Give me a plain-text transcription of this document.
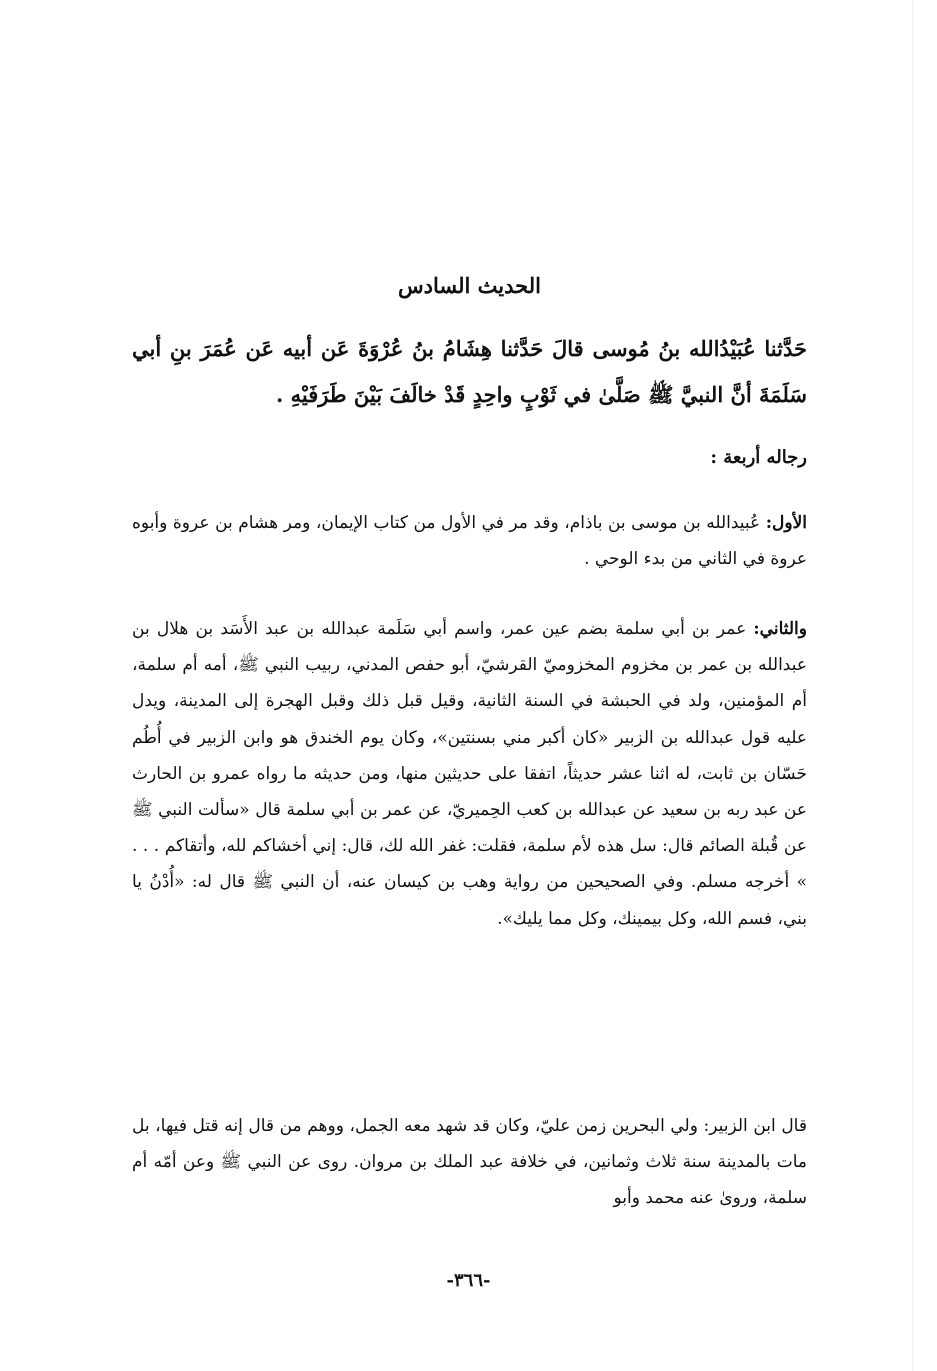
الحديث السادس
حَدَّثنا عُبَيْدُالله بنُ مُوسى قالَ حَدَّثنا هِشَامُ بنُ عُرْوَةَ عَن أبيه عَن عُمَرَ بنِ أبي سَلَمَةَ أنَّ النبيَّ ﷺ صَلَّىٰ في ثَوْبٍ واحِدٍ قَدْ خالَفَ بَيْنَ طَرَفَيْهِ .
رجاله أربعة :
الأول: عُبيدالله بن موسى بن باذام، وقد مر في الأول من كتاب الإيمان، ومر هشام بن عروة وأبوه عروة في الثاني من بدء الوحي .
والثاني: عمر بن أبي سلمة بضم عين عمر، واسم أبي سَلَمة عبدالله بن عبد الأَسَد بن هلال بن عبدالله بن عمر بن مخزوم المخزوميّ القرشيّ، أبو حفص المدني، ربيب النبي ﷺ، أمه أم سلمة، أم المؤمنين، ولد في الحبشة في السنة الثانية، وقيل قبل ذلك وقبل الهجرة إلى المدينة، ويدل عليه قول عبدالله بن الزبير «كان أكبر مني بسنتين»، وكان يوم الخندق هو وابن الزبير في أُطُم حَسّان بن ثابت، له اثنا عشر حديثاً، اتفقا على حديثين منها، ومن حديثه ما رواه عمرو بن الحارث عن عبد ربه بن سعيد عن عبدالله بن كعب الحِميريّ، عن عمر بن أبي سلمة قال «سألت النبي ﷺ عن قُبلة الصائم قال: سل هذه لأم سلمة، فقلت: غفر الله لك، قال: إني أخشاكم لله، وأتقاكم . . . » أخرجه مسلم. وفي الصحيحين من رواية وهب بن كيسان عنه، أن النبي ﷺ قال له: «أُدْنُ يا بني، فسم الله، وكل بيمينك، وكل مما يليك».
قال ابن الزبير: ولي البحرين زمن عليّ، وكان قد شهد معه الجمل، ووهم من قال إنه قتل فيها، بل مات بالمدينة سنة ثلاث وثمانين، في خلافة عبد الملك بن مروان. روى عن النبي ﷺ وعن أمّه أم سلمة، وروىٰ عنه محمد وأبو
-٣٦٦-
